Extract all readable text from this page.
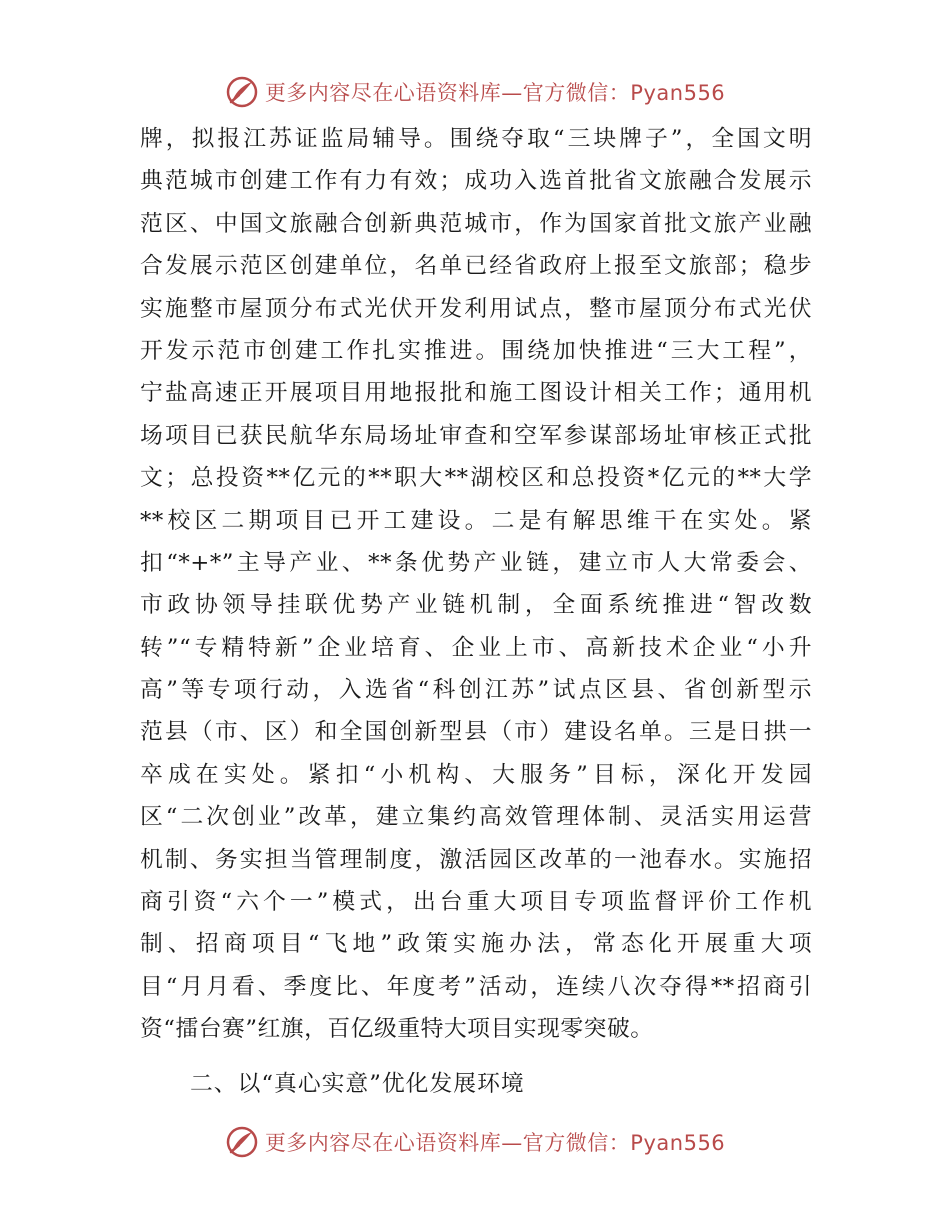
更多内容尽在心语资料库—官方微信：Pyan556
牌，拟报江苏证监局辅导。围绕夺取“三块牌子”，全国文明
典范城市创建工作有力有效；成功入选首批省文旅融合发展示
范区、中国文旅融合创新典范城市，作为国家首批文旅产业融
合发展示范区创建单位，名单已经省政府上报至文旅部；稳步
实施整市屋顶分布式光伏开发利用试点，整市屋顶分布式光伏
开发示范市创建工作扎实推进。围绕加快推进“三大工程”，
宁盐高速正开展项目用地报批和施工图设计相关工作；通用机
场项目已获民航华东局场址审查和空军参谋部场址审核正式批
文；总投资**亿元的**职大**湖校区和总投资*亿元的**大学
**校区二期项目已开工建设。二是有解思维干在实处。紧
扣“*+*”主导产业、**条优势产业链，建立市人大常委会、
市政协领导挂联优势产业链机制，全面系统推进“智改数
转”“专精特新”企业培育、企业上市、高新技术企业“小升
高”等专项行动，入选省“科创江苏”试点区县、省创新型示
范县（市、区）和全国创新型县（市）建设名单。三是日拱一
卒成在实处。紧扣“小机构、大服务”目标，深化开发园
区“二次创业”改革，建立集约高效管理体制、灵活实用运营
机制、务实担当管理制度，激活园区改革的一池春水。实施招
商引资“六个一”模式，出台重大项目专项监督评价工作机
制、招商项目“飞地”政策实施办法，常态化开展重大项
目“月月看、季度比、年度考”活动，连续八次夺得**招商引
资“擂台赛”红旗，百亿级重特大项目实现零突破。
二、以“真心实意”优化发展环境
更多内容尽在心语资料库—官方微信：Pyan556
